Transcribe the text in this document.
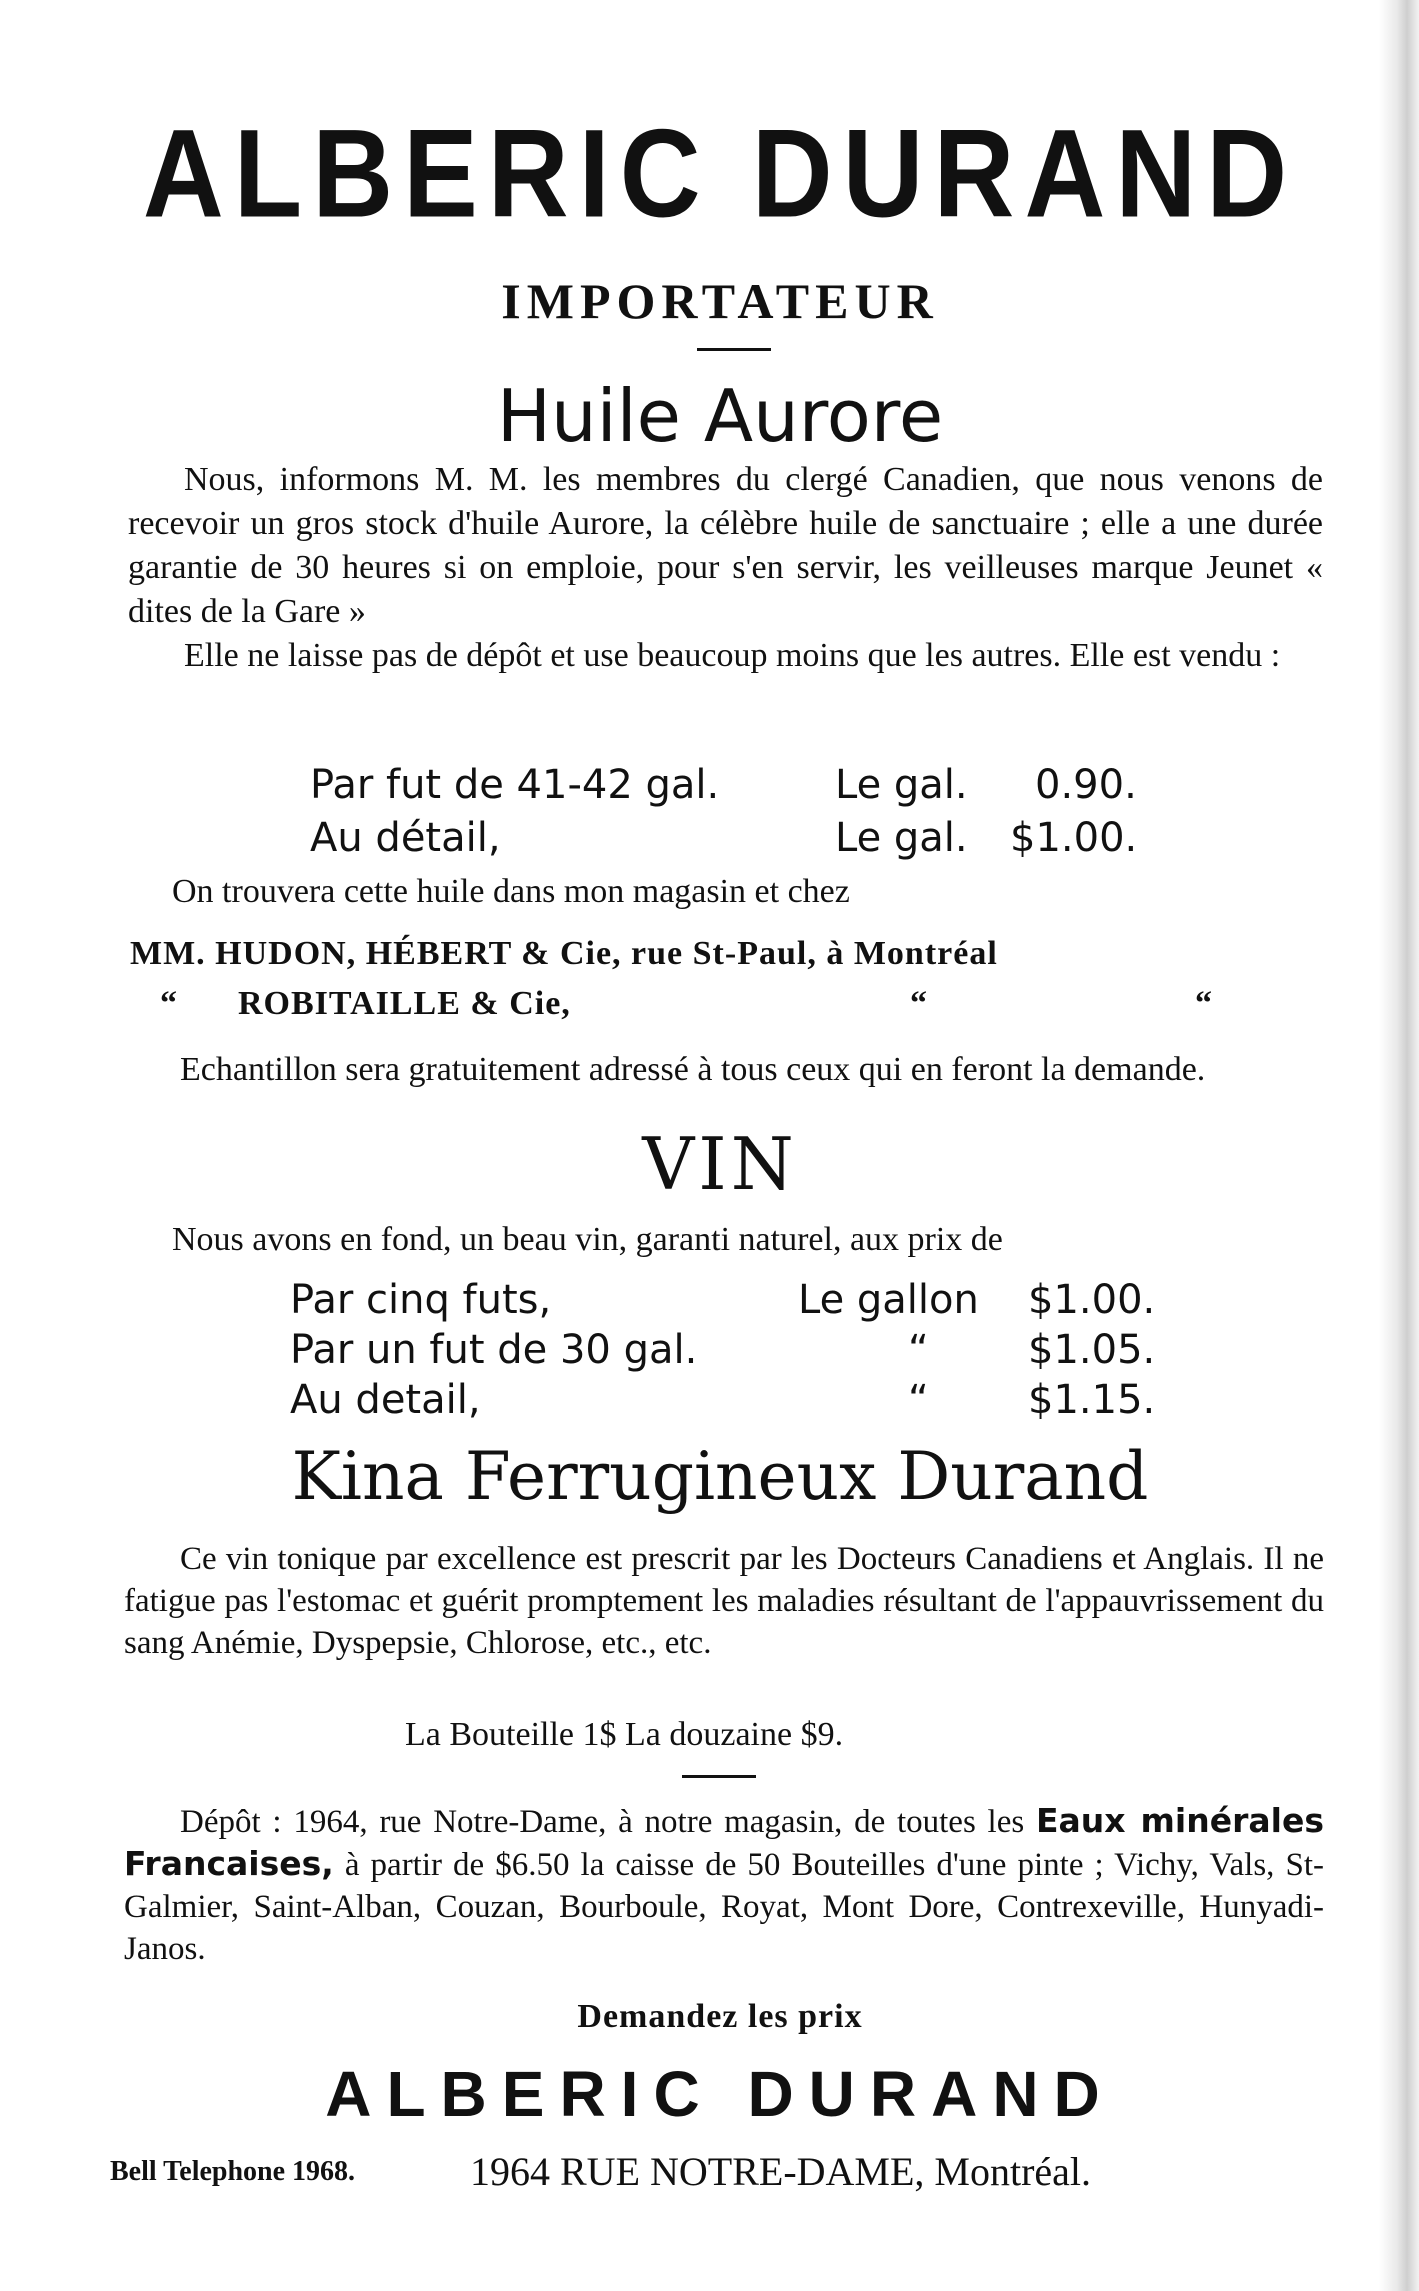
ALBERIC DURAND
IMPORTATEUR
Huile Aurore

Nous, informons M. M. les membres du clergé Canadien, que nous venons de recevoir un gros stock d'huile Aurore, la célèbre huile de sanctuaire ; elle a une durée garantie de 30 heures si on emploie, pour s'en servir, les veilleuses marque Jeunet « dites de la Gare »

Elle ne laisse pas de dépôt et use beaucoup moins que les autres. Elle est vendu :

Par fut de 41-42 gal.	Le gal. 0.90.
Au détail,	Le gal. $1.00.
On trouvera cette huile dans mon magasin et chez
MM. HUDON, HÉBERT & Cie, rue St-Paul, à Montréal
“ ROBITAILLE & Cie,	“	“

Echantillon sera gratuitement adressé à tous ceux qui en feront la demande.

VIN
Nous avons en fond, un beau vin, garanti naturel, aux prix de
Par cinq futs,	Le gallon $1.00.
Par un fut de 30 gal.	“ $1.05.
Au detail,	“ $1.15.
Kina Ferrugineux Durand

Ce vin tonique par excellence est prescrit par les Docteurs Canadiens et Anglais. Il ne fatigue pas l'estomac et guérit promptement les maladies résultant de l'appauvrissement du sang Anémie, Dyspepsie, Chlorose, etc., etc.

La Bouteille 1$ La douzaine $9.

Dépôt : 1964, rue Notre-Dame, à notre magasin, de toutes les Eaux minérales Francaises, à partir de $6.50 la caisse de 50 Bouteilles d'une pinte ; Vichy, Vals, St-Galmier, Saint-Alban, Couzan, Bourboule, Royat, Mont Dore, Contrexeville, Hunyadi-Janos.

Demandez les prix
ALBERIC DURAND
Bell Telephone 1968.	1964 RUE NOTRE-DAME, Montréal.
